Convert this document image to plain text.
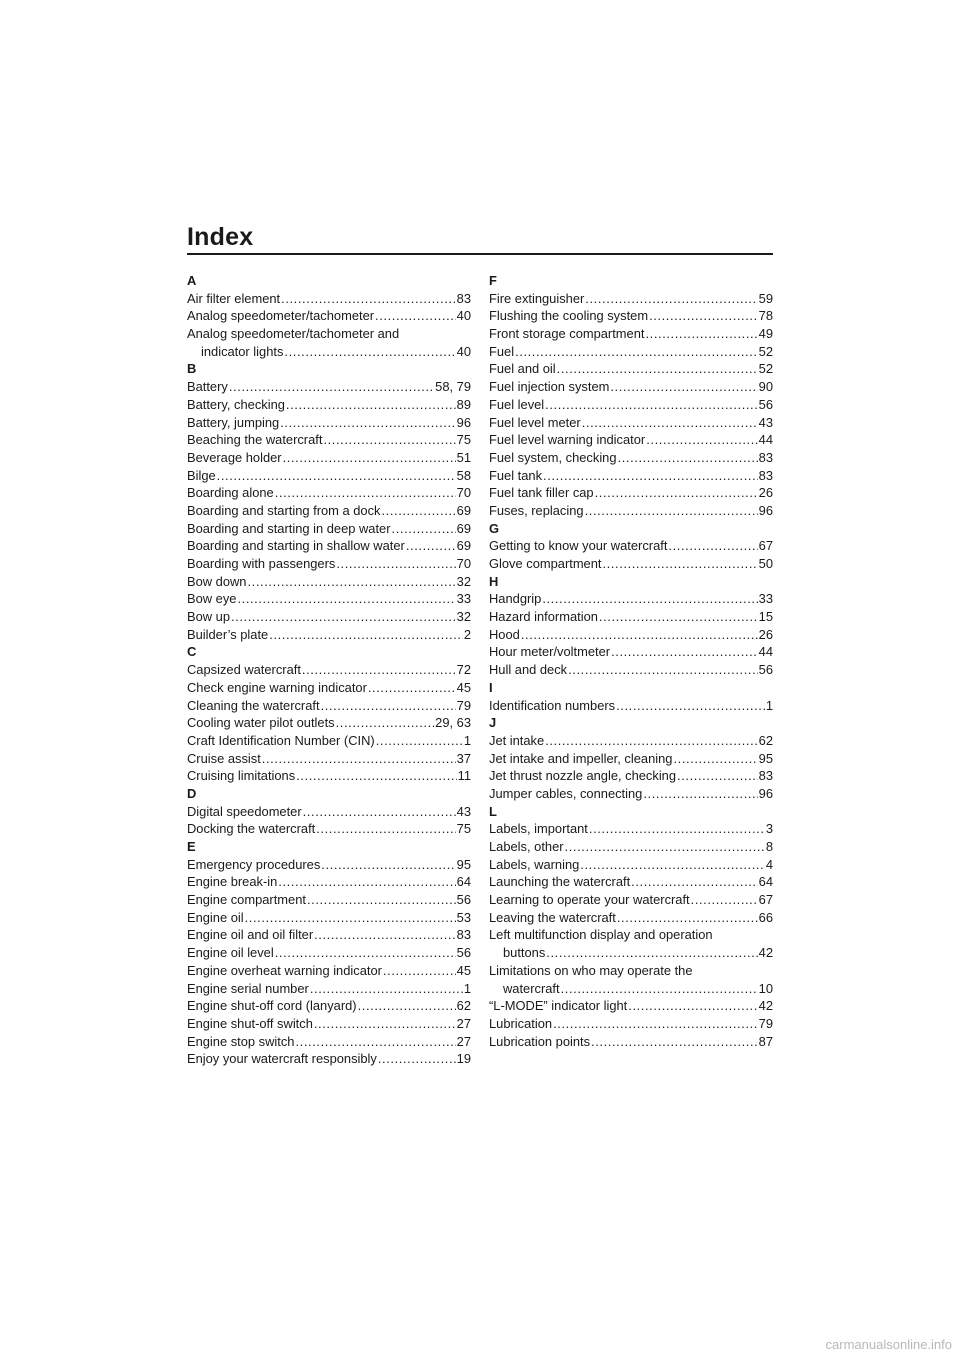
Index
A
Air filter element .....	83
Analog speedometer/tachometer .....	40
Analog speedometer/tachometer and
indicator lights .....	40
B
Battery .....	58, 79
Battery, checking .....	89
Battery, jumping .....	96
Beaching the watercraft .....	75
Beverage holder .....	51
Bilge .....	58
Boarding alone .....	70
Boarding and starting from a dock .....	69
Boarding and starting in deep water .....	69
Boarding and starting in shallow water .....	69
Boarding with passengers .....	70
Bow down .....	32
Bow eye .....	33
Bow up .....	32
Builder’s plate .....	2
C
Capsized watercraft .....	72
Check engine warning indicator .....	45
Cleaning the watercraft .....	79
Cooling water pilot outlets .....	29, 63
Craft Identification Number (CIN) .....	1
Cruise assist .....	37
Cruising limitations .....	11
D
Digital speedometer .....	43
Docking the watercraft .....	75
E
Emergency procedures .....	95
Engine break-in .....	64
Engine compartment .....	56
Engine oil .....	53
Engine oil and oil filter .....	83
Engine oil level .....	56
Engine overheat warning indicator .....	45
Engine serial number .....	1
Engine shut-off cord (lanyard) .....	62
Engine shut-off switch .....	27
Engine stop switch .....	27
Enjoy your watercraft responsibly .....	19
F
Fire extinguisher .....	59
Flushing the cooling system .....	78
Front storage compartment .....	49
Fuel .....	52
Fuel and oil .....	52
Fuel injection system .....	90
Fuel level .....	56
Fuel level meter .....	43
Fuel level warning indicator .....	44
Fuel system, checking .....	83
Fuel tank .....	83
Fuel tank filler cap .....	26
Fuses, replacing .....	96
G
Getting to know your watercraft .....	67
Glove compartment .....	50
H
Handgrip .....	33
Hazard information .....	15
Hood .....	26
Hour meter/voltmeter .....	44
Hull and deck .....	56
I
Identification numbers .....	1
J
Jet intake .....	62
Jet intake and impeller, cleaning .....	95
Jet thrust nozzle angle, checking .....	83
Jumper cables, connecting .....	96
L
Labels, important .....	3
Labels, other .....	8
Labels, warning .....	4
Launching the watercraft .....	64
Learning to operate your watercraft .....	67
Leaving the watercraft .....	66
Left multifunction display and operation
buttons .....	42
Limitations on who may operate the
watercraft .....	10
“L-MODE” indicator light .....	42
Lubrication .....	79
Lubrication points .....	87
carmanualsonline.info
